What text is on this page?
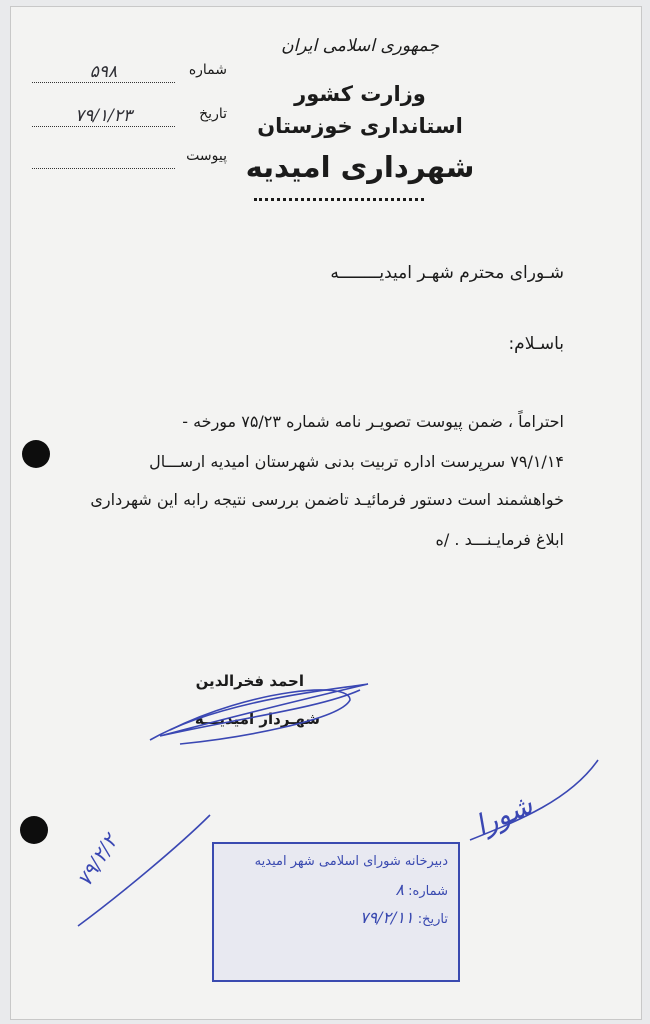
جمهوری اسلامی ایران
وزارت کشور
استانداری خوزستان
شهرداری امیدیه
شماره
۵۹۸
تاریخ
۷۹/۱/۲۳
پیوست
شـورای محترم شهـر امیدیــــــــه
باسـلام:
احتراماً ، ضمن پیوست تصویـر نامه شماره ۷۵/۲۳ مورخه -
۷۹/۱/۱۴ سرپرست اداره تربیت بدنی شهرستان امیدیه ارســـال
خواهشمند است دستور فرمائیـد تاضمن بررسی نتیجه رابه این شهرداری
ابلاغ فرمایـنـــد . /ه
احمد فخرالدین
شهـردار امیدیـــه
۷۹/۲/۲
شورا
دبیرخانه شورای اسلامی شهر امیدیه
شماره: ۸
تاریخ: ۷۹/۲/۱۱
